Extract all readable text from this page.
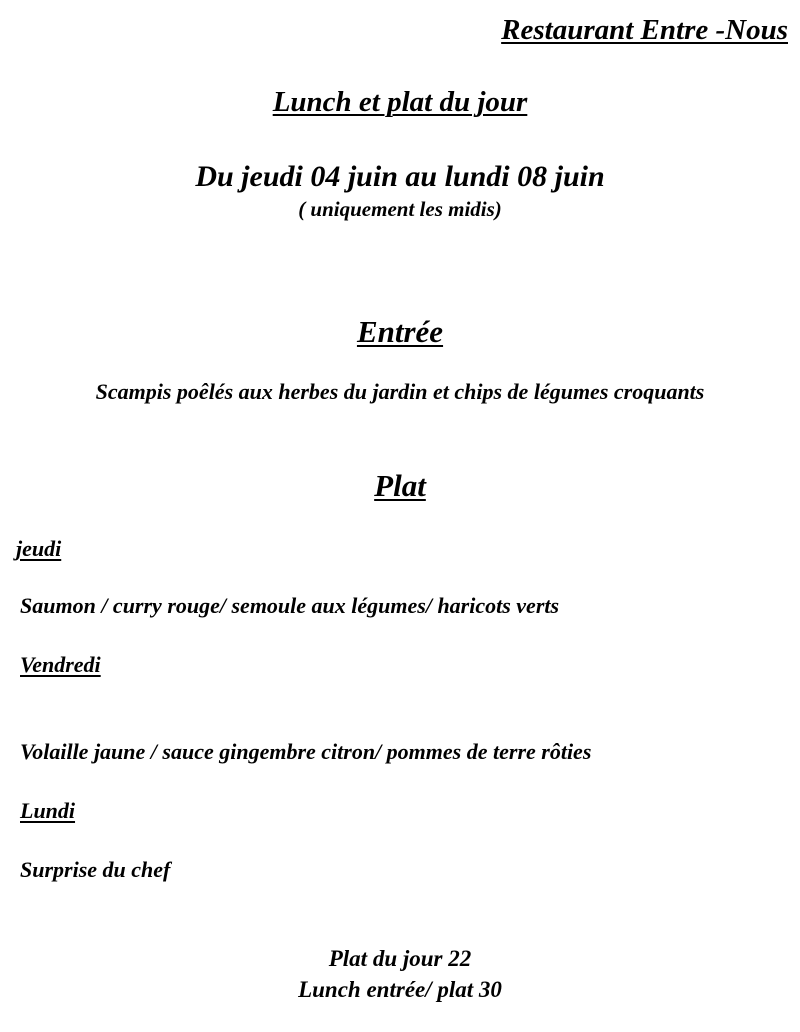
Restaurant Entre -Nous

Lunch et plat du jour

Du jeudi 04 juin au lundi 08 juin

( uniquement les midis)

Entrée

Scampis poêlés aux herbes du jardin et chips de légumes croquants

Plat

jeudi

Saumon / curry rouge/ semoule aux légumes/ haricots verts

Vendredi

Volaille jaune / sauce gingembre citron/ pommes de terre rôties

Lundi

Surprise du chef

Plat du jour 22

Lunch entrée/ plat 30
